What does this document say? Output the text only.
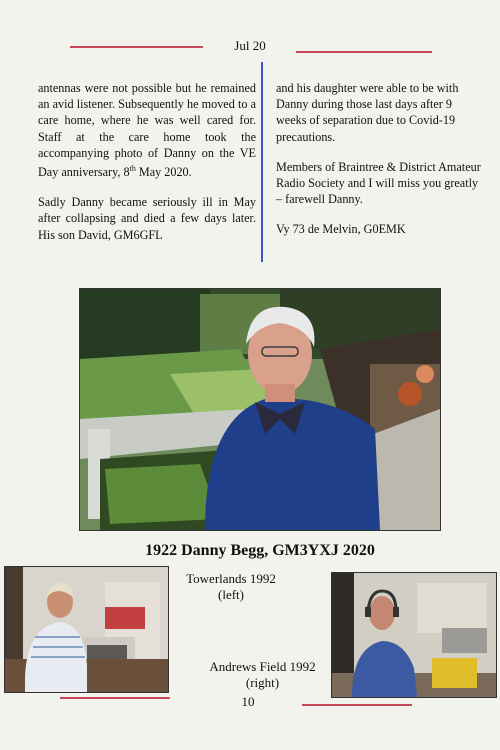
Jul 20

antennas were not possible but he remained an avid listener. Subsequently he moved to a care home, where he was well cared for. Staff at the care home took the accompanying photo of Danny on the VE Day anniversary, 8th May 2020.

Sadly Danny became seriously ill in May after collapsing and died a few days later. His son David, GM6GFL

and his daughter were able to be with Danny during those last days after 9 weeks of separation due to Covid-19 precautions.

Members of Braintree & District Amateur Radio Society and I will miss you greatly – farewell Danny.

Vy 73 de Melvin, G0EMK

1922 Danny Begg, GM3YXJ 2020
Towerlands 1992
(left)
Andrews Field 1992
(right)
10
